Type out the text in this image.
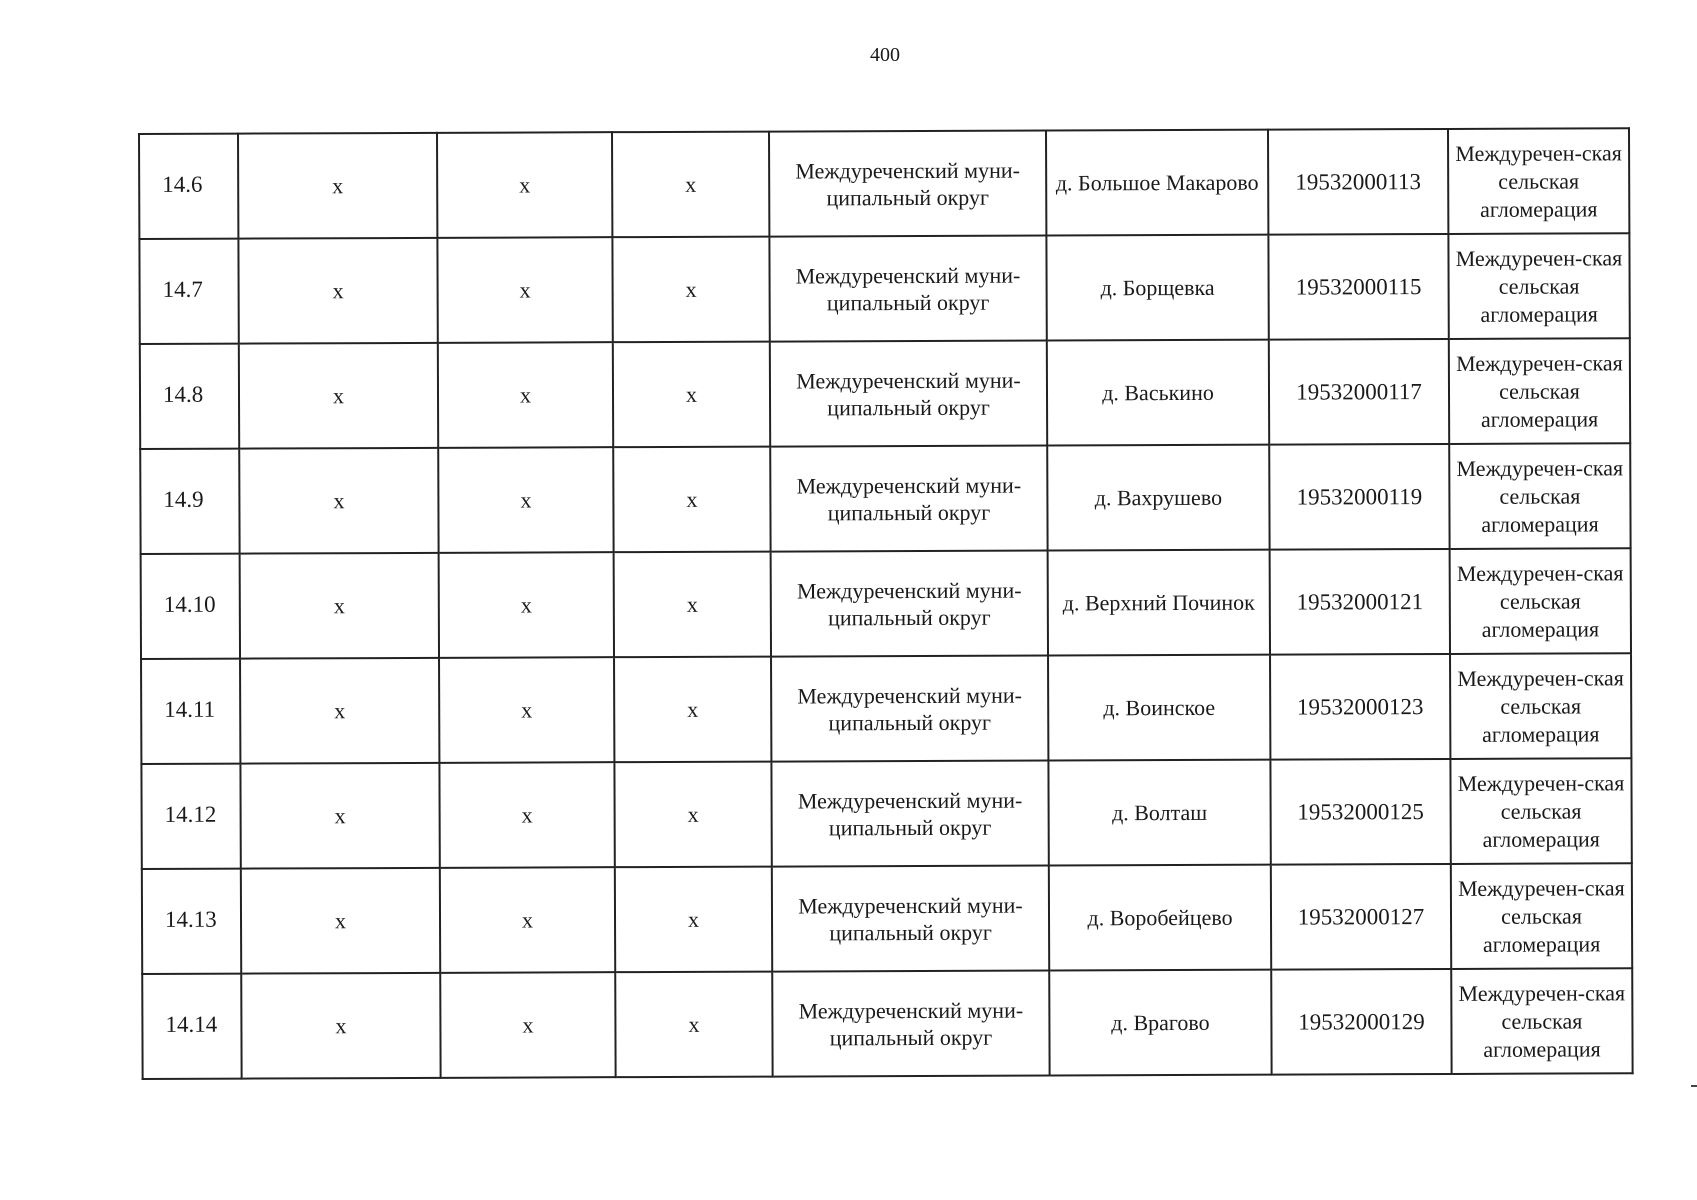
400
14.6	x	x	x	Междуреченский муни-ципальный округ	д. Большое Макарово	19532000113	Междуречен-ская сельская агломерация
14.7	x	x	x	Междуреченский муни-ципальный округ	д. Борщевка	19532000115	Междуречен-ская сельская агломерация
14.8	x	x	x	Междуреченский муни-ципальный округ	д. Васькино	19532000117	Междуречен-ская сельская агломерация
14.9	x	x	x	Междуреченский муни-ципальный округ	д. Вахрушево	19532000119	Междуречен-ская сельская агломерация
14.10	x	x	x	Междуреченский муни-ципальный округ	д. Верхний Починок	19532000121	Междуречен-ская сельская агломерация
14.11	x	x	x	Междуреченский муни-ципальный округ	д. Воинское	19532000123	Междуречен-ская сельская агломерация
14.12	x	x	x	Междуреченский муни-ципальный округ	д. Волташ	19532000125	Междуречен-ская сельская агломерация
14.13	x	x	x	Междуреченский муни-ципальный округ	д. Воробейцево	19532000127	Междуречен-ская сельская агломерация
14.14	x	x	x	Междуреченский муни-ципальный округ	д. Врагово	19532000129	Междуречен-ская сельская агломерация
